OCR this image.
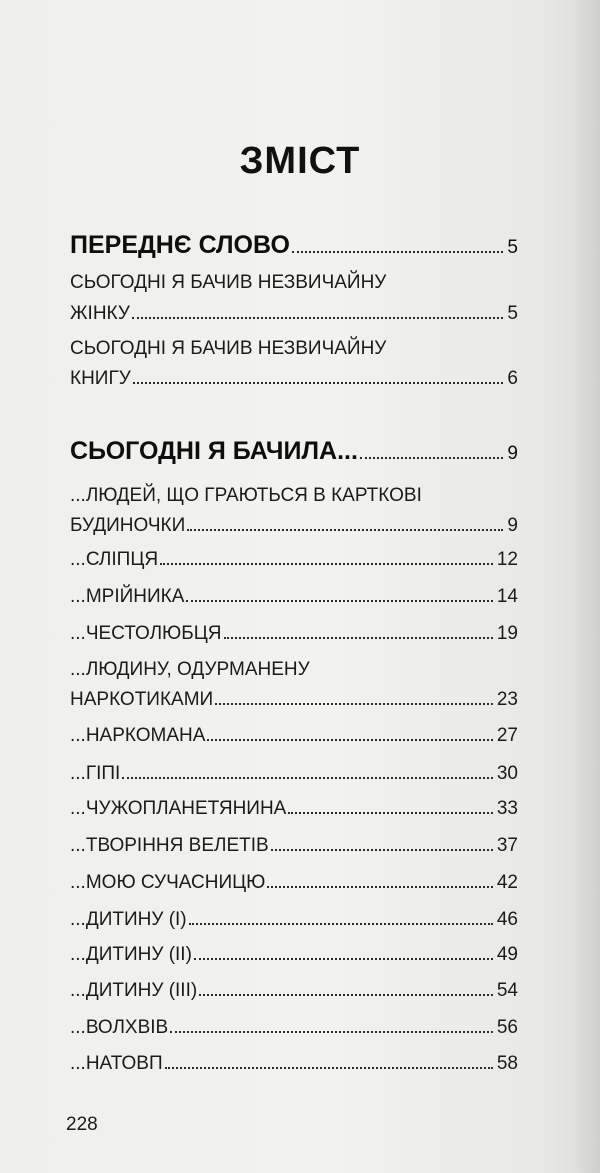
ЗМІСТ
ПЕРЕДНЄ СЛОВО	5
СЬОГОДНІ Я БАЧИВ НЕЗВИЧАЙНУ
ЖІНКУ	5
СЬОГОДНІ Я БАЧИВ НЕЗВИЧАЙНУ
КНИГУ	6
СЬОГОДНІ Я БАЧИЛА...	9
...ЛЮДЕЙ, ЩО ГРАЮТЬСЯ В КАРТКОВІ
БУДИНОЧКИ	9
...СЛІПЦЯ	12
...МРІЙНИКА	14
...ЧЕСТОЛЮБЦЯ	19
...ЛЮДИНУ, ОДУРМАНЕНУ
НАРКОТИКАМИ	23
...НАРКОМАНА	27
...ГІПІ	30
...ЧУЖОПЛАНЕТЯНИНА	33
...ТВОРІННЯ ВЕЛЕТІВ	37
...МОЮ СУЧАСНИЦЮ	42
...ДИТИНУ (І)	46
...ДИТИНУ (ІІ)	49
...ДИТИНУ (ІІІ)	54
...ВОЛХВІВ	56
...НАТОВП	58
228
